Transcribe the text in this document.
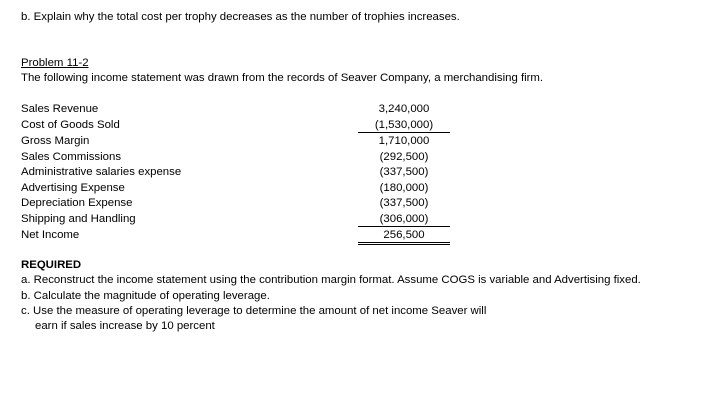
b. Explain why the total cost per trophy decreases as the number of trophies increases.
Problem 11-2
The following income statement was drawn from the records of Seaver Company, a merchandising firm.
Sales Revenue	3,240,000
Cost of Goods Sold	(1,530,000)
Gross Margin	1,710,000
Sales Commissions	(292,500)
Administrative salaries expense	(337,500)
Advertising Expense	(180,000)
Depreciation Expense	(337,500)
Shipping and Handling	(306,000)
Net Income	256,500
REQUIRED
a. Reconstruct the income statement using the contribution margin format. Assume COGS is variable and Advertising fixed.
b. Calculate the magnitude of operating leverage.
c. Use the measure of operating leverage to determine the amount of net income Seaver will
earn if sales increase by 10 percent
